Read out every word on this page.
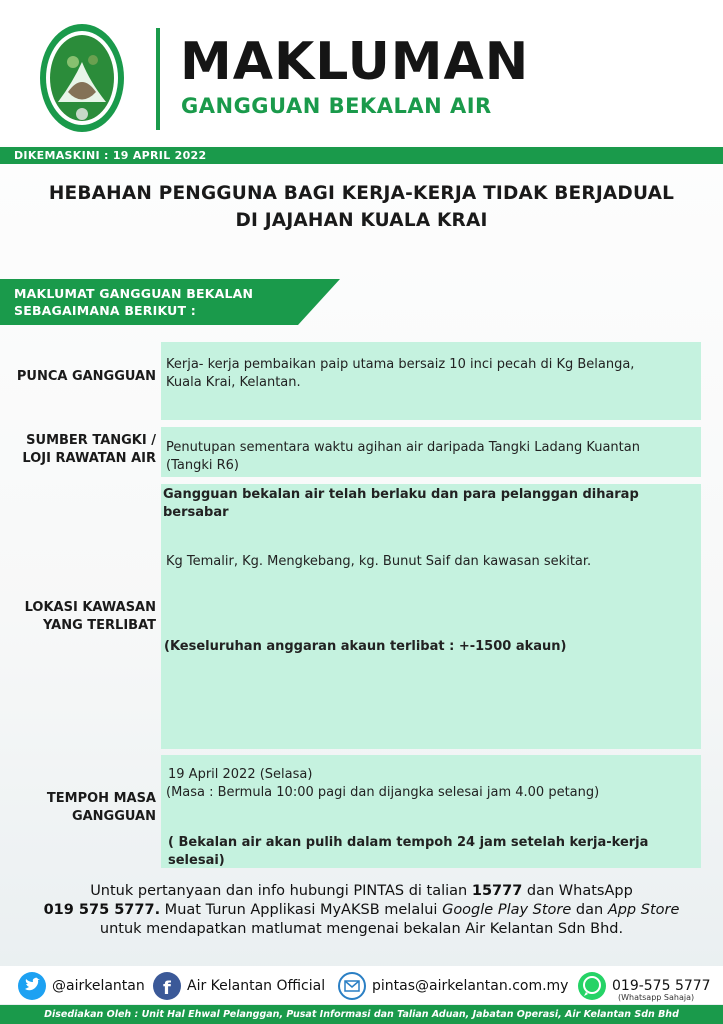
MAKLUMAN
GANGGUAN BEKALAN AIR
DIKEMASKINI : 19 APRIL 2022
HEBAHAN PENGGUNA BAGI KERJA-KERJA TIDAK BERJADUAL
DI JAJAHAN KUALA KRAI
MAKLUMAT GANGGUAN BEKALAN
SEBAGAIMANA BERIKUT :
PUNCA GANGGUAN
Kerja- kerja pembaikan paip utama bersaiz 10 inci pecah di Kg Belanga,
Kuala Krai, Kelantan.
SUMBER TANGKI /
LOJI RAWATAN AIR
Penutupan sementara waktu agihan air daripada Tangki Ladang Kuantan
(Tangki R6)
LOKASI KAWASAN
YANG TERLIBAT
Gangguan bekalan air telah berlaku dan para pelanggan diharap bersabar
Kg Temalir, Kg. Mengkebang, kg. Bunut Saif dan kawasan sekitar.
(Keseluruhan anggaran akaun terlibat : +-1500 akaun)
TEMPOH MASA
GANGGUAN
19 April 2022 (Selasa)
(Masa : Bermula 10:00 pagi dan dijangka selesai jam 4.00 petang)
( Bekalan air akan pulih dalam tempoh 24 jam setelah kerja-kerja selesai)
Untuk pertanyaan dan info hubungi PINTAS di talian 15777 dan WhatsApp
019 575 5777. Muat Turun Applikasi MyAKSB melalui Google Play Store dan App Store
untuk mendapatkan matlumat mengenai bekalan Air Kelantan Sdn Bhd.
@airkelantan f Air Kelantan Official	pintas@airkelantan.com.my	019-575 5777
(Whatsapp Sahaja)
Disediakan Oleh : Unit Hal Ehwal Pelanggan, Pusat Informasi dan Talian Aduan, Jabatan Operasi, Air Kelantan Sdn Bhd
